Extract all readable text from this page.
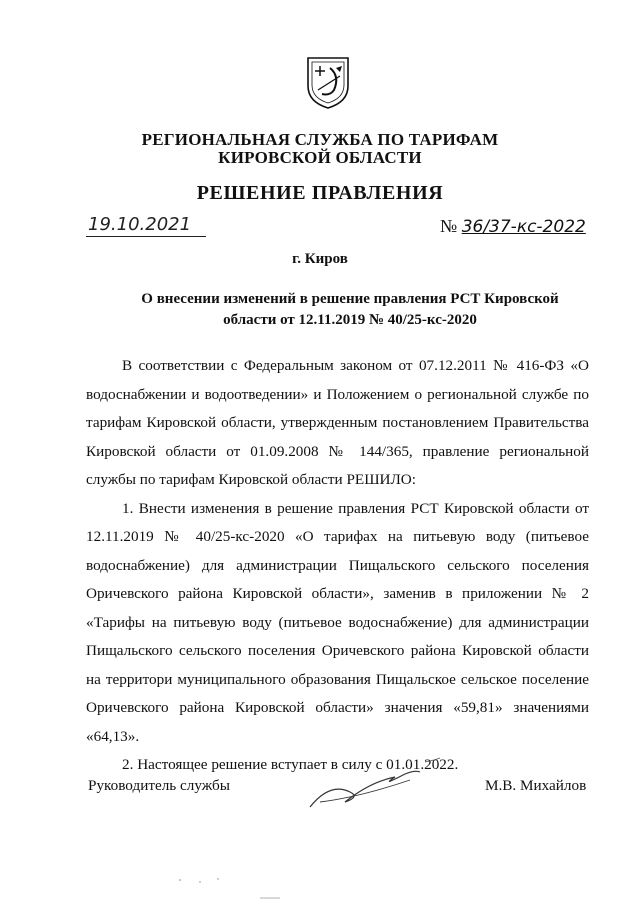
РЕГИОНАЛЬНАЯ СЛУЖБА ПО ТАРИФАМ
КИРОВСКОЙ ОБЛАСТИ
РЕШЕНИЕ ПРАВЛЕНИЯ
19.10.2021	№ 36/37-кс-2022
г. Киров
О внесении изменений в решение правления РСТ Кировской
области от 12.11.2019 № 40/25-кс-2020

В соответствии с Федеральным законом от 07.12.2011 № 416-ФЗ «О водоснабжении и водоотведении» и Положением о региональной службе по тарифам Кировской области, утвержденным постановлением Правительства Кировской области от 01.09.2008 № 144/365, правление региональной службы по тарифам Кировской области РЕШИЛО:

1. Внести изменения в решение правления РСТ Кировской области от 12.11.2019 № 40/25-кс-2020 «О тарифах на питьевую воду (питьевое водоснабжение) для администрации Пищальского сельского поселения Оричевского района Кировской области», заменив в приложении № 2 «Тарифы на питьевую воду (питьевое водоснабжение) для администрации Пищальского сельского поселения Оричевского района Кировской области на территори муниципального образования Пищальское сельское поселение Оричевского района Кировской области» значения «59,81» значениями «64,13».

2. Настоящее решение вступает в силу с 01.01.2022.

Руководитель службы	М.В. Михайлов
